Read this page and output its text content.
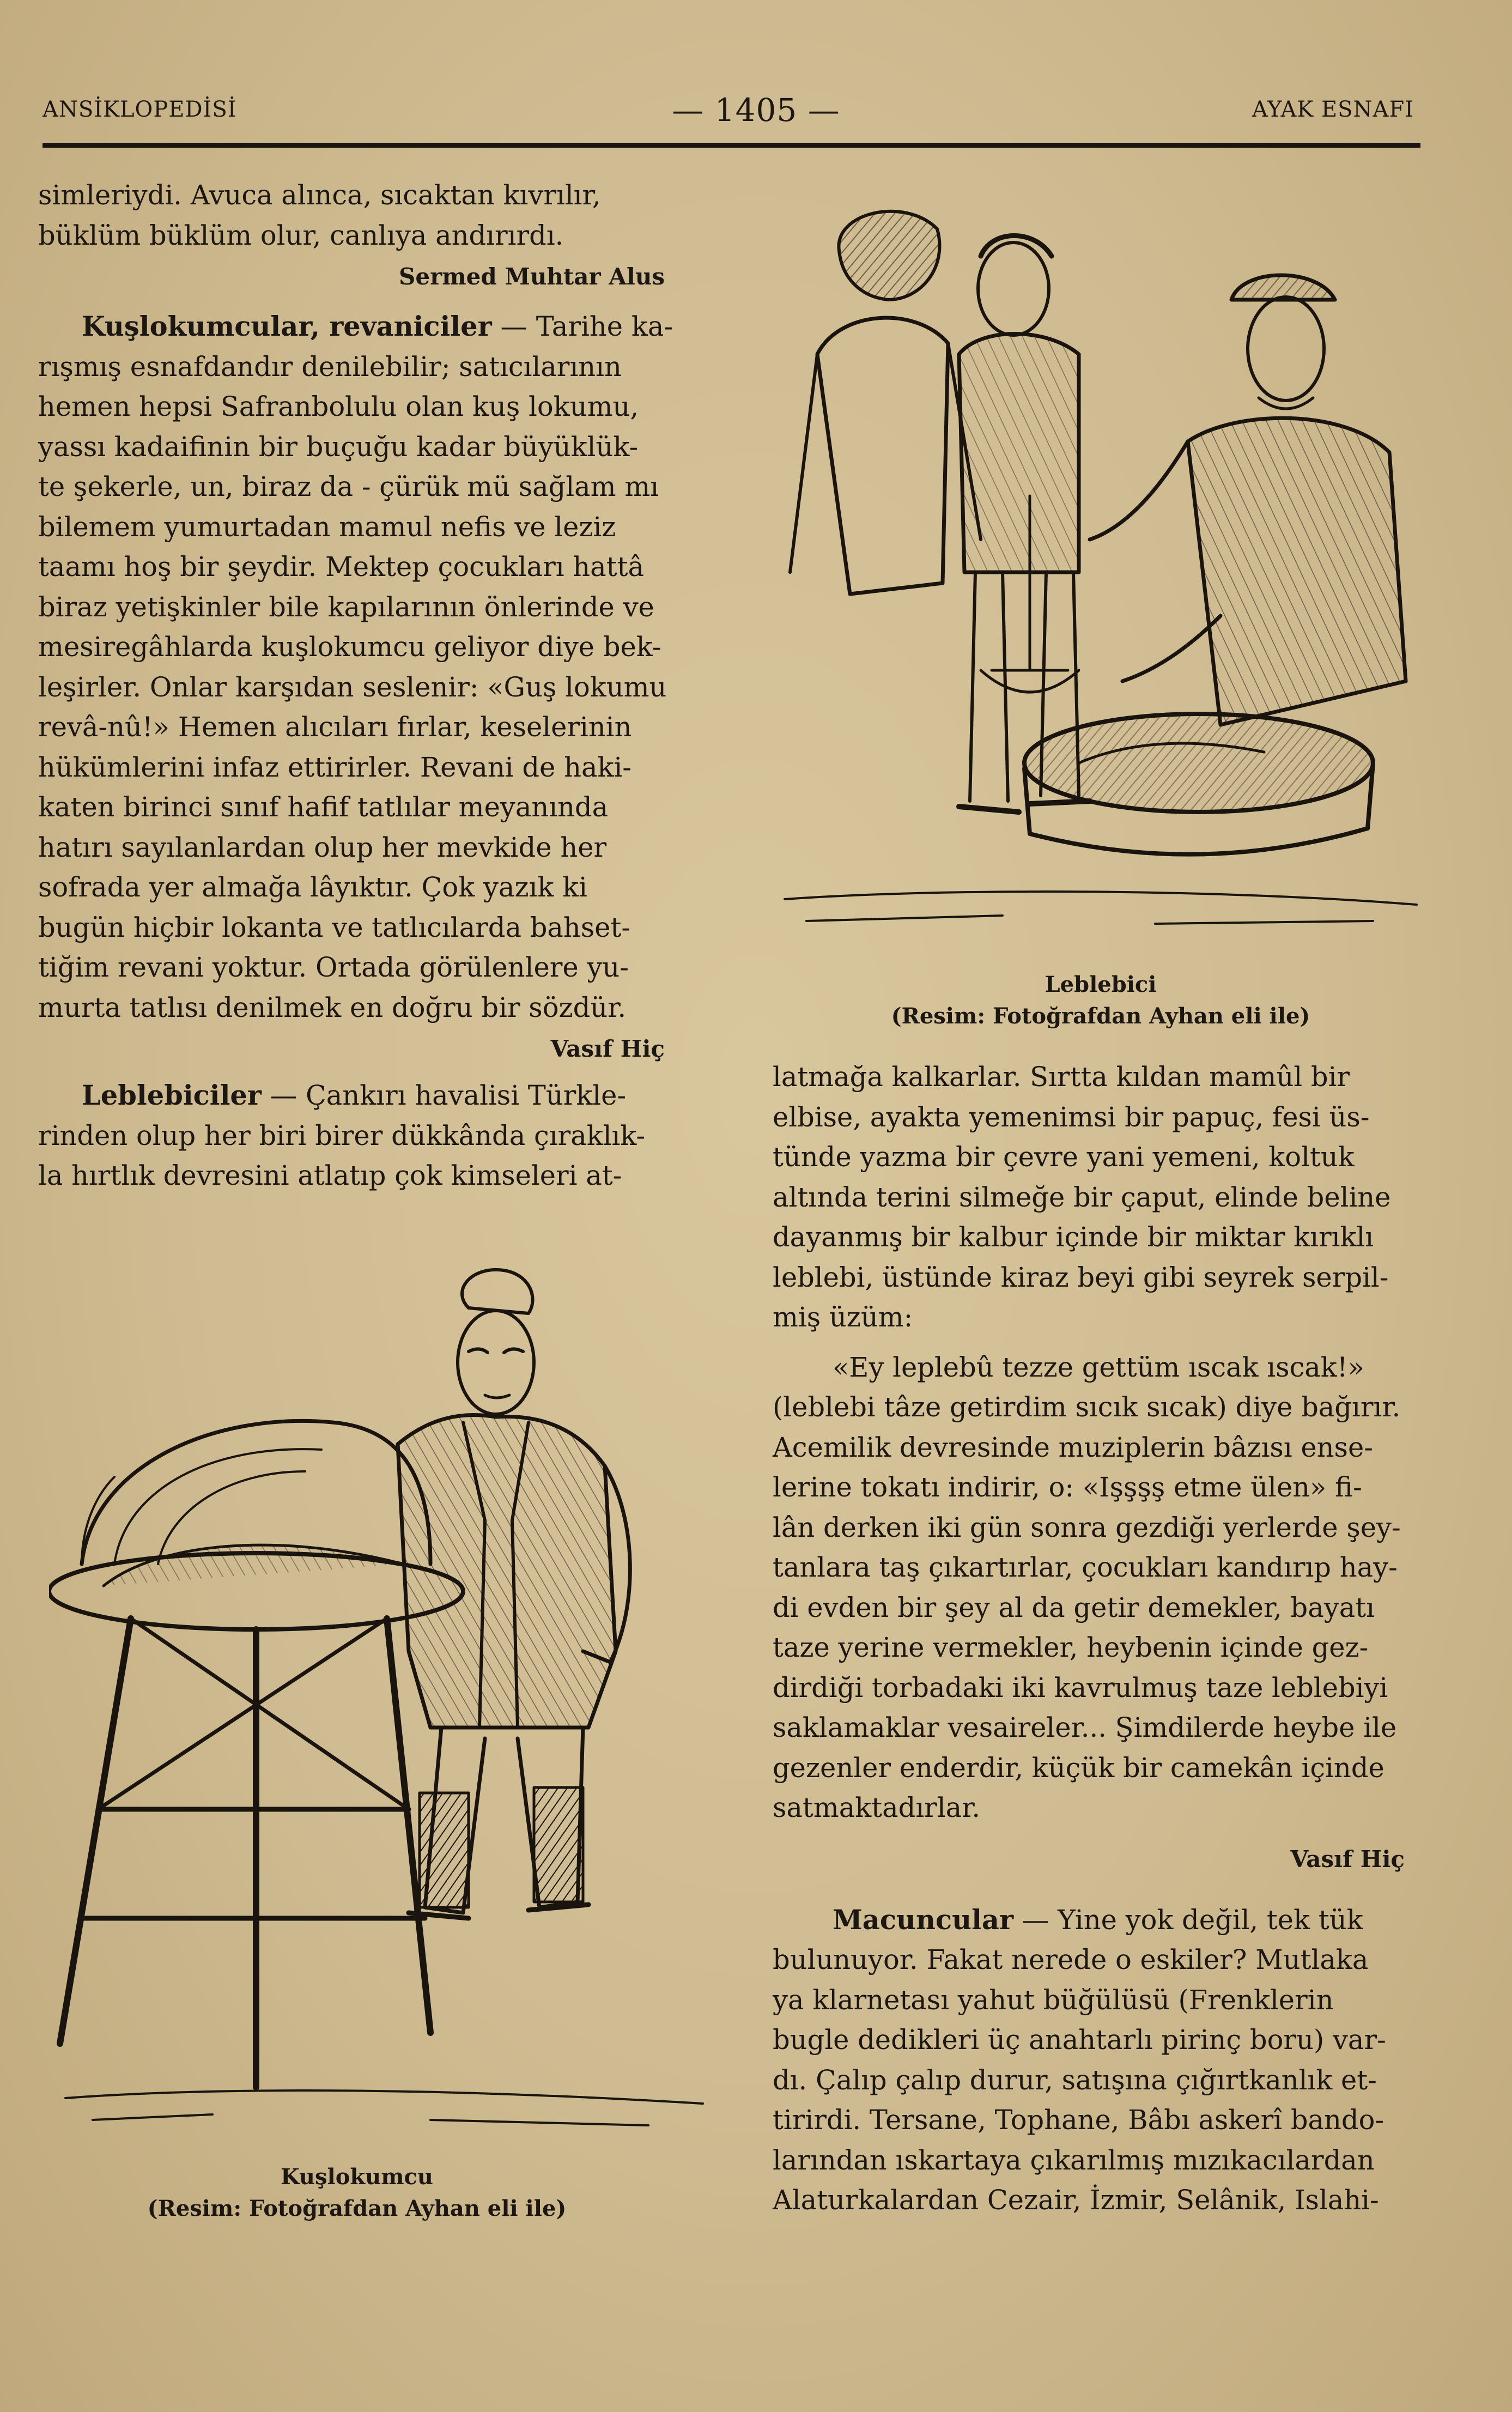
ANSİKLOPEDİSİ	— 1405 —	AYAK ESNAFI

simleriydi. Avuca alınca, sıcaktan kıvrılır,

büklüm büklüm olur, canlıya andırırdı.

Sermed Muhtar Alus

Kuşlokumcular, revaniciler — Tarihe ka-

rışmış esnafdandır denilebilir; satıcılarının

hemen hepsi Safranbolulu olan kuş lokumu,

yassı kadaifinin bir buçuğu kadar büyüklük-

te şekerle, un, biraz da - çürük mü sağlam mı

bilemem yumurtadan mamul nefis ve leziz

taamı hoş bir şeydir. Mektep çocukları hattâ

biraz yetişkinler bile kapılarının önlerinde ve

mesiregâhlarda kuşlokumcu geliyor diye bek-

leşirler. Onlar karşıdan seslenir: «Guş lokumu

revâ-nû!» Hemen alıcıları fırlar, keselerinin

hükümlerini infaz ettirirler. Revani de haki-

katen birinci sınıf hafif tatlılar meyanında

hatırı sayılanlardan olup her mevkide her

sofrada yer almağa lâyıktır. Çok yazık ki

bugün hiçbir lokanta ve tatlıcılarda bahset-

tiğim revani yoktur. Ortada görülenlere yu-

murta tatlısı denilmek en doğru bir sözdür.

Vasıf Hiç

Leblebiciler — Çankırı havalisi Türkle-

rinden olup her biri birer dükkânda çıraklık-

la hırtlık devresini atlatıp çok kimseleri at-

Kuşlokumcu
(Resim: Fotoğrafdan Ayhan eli ile)
Leblebici
(Resim: Fotoğrafdan Ayhan eli ile)

latmağa kalkarlar. Sırtta kıldan mamûl bir

elbise, ayakta yemenimsi bir papuç, fesi üs-

tünde yazma bir çevre yani yemeni, koltuk

altında terini silmeğe bir çaput, elinde beline

dayanmış bir kalbur içinde bir miktar kırıklı

leblebi, üstünde kiraz beyi gibi seyrek serpil-

miş üzüm:

«Ey leplebû tezze gettüm ıscak ıscak!»

(leblebi tâze getirdim sıcık sıcak) diye bağırır.

Acemilik devresinde muziplerin bâzısı ense-

lerine tokatı indirir, o: «Işşşş etme ülen» fi-

lân derken iki gün sonra gezdiği yerlerde şey-

tanlara taş çıkartırlar, çocukları kandırıp hay-

di evden bir şey al da getir demekler, bayatı

taze yerine vermekler, heybenin içinde gez-

dirdiği torbadaki iki kavrulmuş taze leblebiyi

saklamaklar vesaireler... Şimdilerde heybe ile

gezenler enderdir, küçük bir camekân içinde

satmaktadırlar.

Vasıf Hiç

Macuncular — Yine yok değil, tek tük

bulunuyor. Fakat nerede o eskiler? Mutlaka

ya klarnetası yahut büğülüsü (Frenklerin

bugle dedikleri üç anahtarlı pirinç boru) var-

dı. Çalıp çalıp durur, satışına çığırtkanlık et-

tirirdi. Tersane, Tophane, Bâbı askerî bando-

larından ıskartaya çıkarılmış mızıkacılardan

Alaturkalardan Cezair, İzmir, Selânik, Islahi-
